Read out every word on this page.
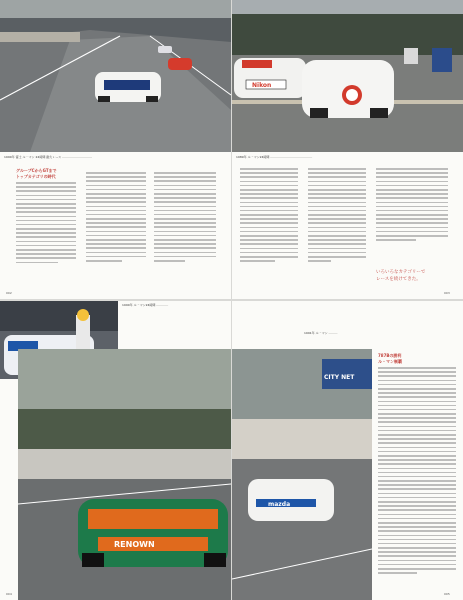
1990年 富士 ル・マン 24時間 耐久レース …………………………
グループCからGTまで
トップカテゴリの時代
002
Nikon
1989年 ル・マン24時間 ……………………………………
いろいろなカテゴリーで
レースを続けてきた。
003
1990年 ル・マン24時間 …………
RENOWN
004
1991年 ル・マン ………
CITY NET
mazda
787Bの勝利
ル・マン制覇
005
